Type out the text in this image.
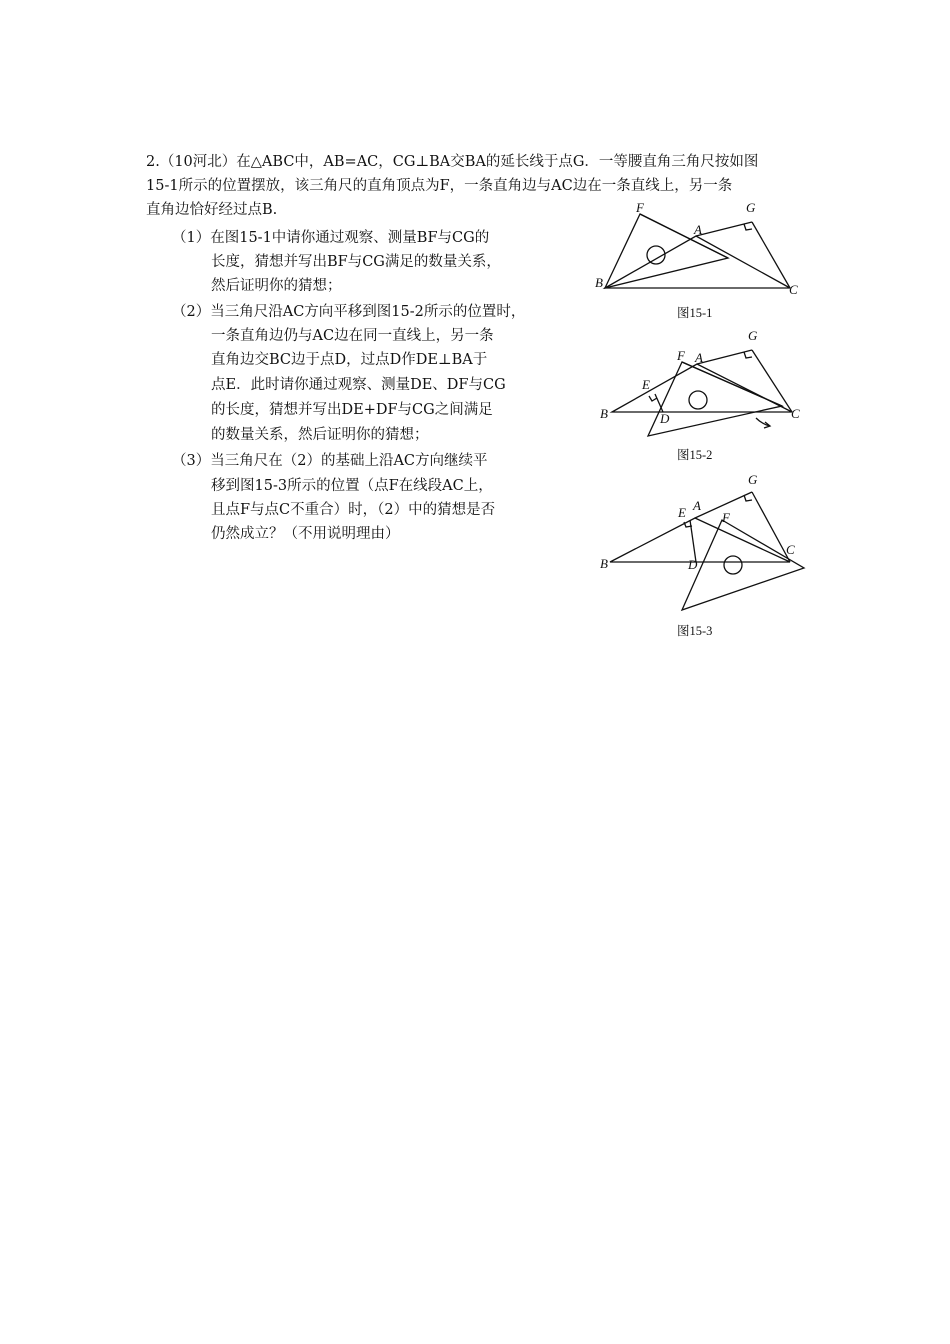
2.（10河北）在△ABC中，AB=AC，CG⊥BA交BA的延长线于点G．一等腰直角三角尺按如图
15-1所示的位置摆放，该三角尺的直角顶点为F，一条直角边与AC边在一条直线上，另一条
直角边恰好经过点B.
（1）在图15-1中请你通过观察、测量BF与CG的
长度，猜想并写出BF与CG满足的数量关系，
然后证明你的猜想；
（2）当三角尺沿AC方向平移到图15-2所示的位置时，
一条直角边仍与AC边在同一直线上，另一条
直角边交BC边于点D，过点D作DE⊥BA于
点E．此时请你通过观察、测量DE、DF与CG
的长度，猜想并写出DE+DF与CG之间满足
的数量关系，然后证明你的猜想；
（3）当三角尺在（2）的基础上沿AC方向继续平
移到图15-3所示的位置（点F在线段AC上，
且点F与点C不重合）时，（2）中的猜想是否
仍然成立？（不用说明理由）
F
A
G
B	C
G
F A
E
B	D	C
G
A
E	F
B	D
C
图15-1
图15-2
图15-3
